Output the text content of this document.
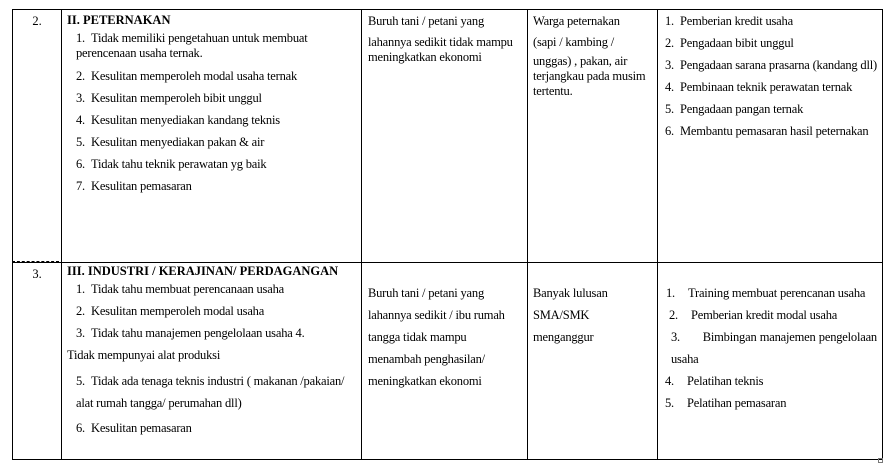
2.	II. PETERNAKAN
1. Tidak memiliki pengetahuan untuk membuat perencenaan usaha ternak.
2. Kesulitan memperoleh modal usaha ternak
3. Kesulitan memperoleh bibit unggul
4. Kesulitan menyediakan kandang teknis
5. Kesulitan menyediakan pakan & air
6. Tidak tahu teknik perawatan yg baik
7. Kesulitan pemasaran
Buruh tani / petani yang
lahannya sedikit tidak mampu meningkatkan ekonomi
Warga peternakan
(sapi / kambing /
unggas) , pakan, air terjangkau pada musim tertentu.
1. Pemberian kredit usaha
2. Pengadaan bibit unggul
3. Pengadaan sarana prasarna (kandang dll)
4. Pembinaan teknik perawatan ternak
5. Pengadaan pangan ternak
6. Membantu pemasaran hasil peternakan
3.	III. INDUSTRI / KERAJINAN/ PERDAGANGAN
1. Tidak tahu membuat perencanaan usaha
2. Kesulitan memperoleh modal usaha
3. Tidak tahu manajemen pengelolaan usaha 4.
Tidak mempunyai alat produksi
5. Tidak ada tenaga teknis industri ( makanan /pakaian/ alat rumah tangga/ perumahan dll)
6. Kesulitan pemasaran
Buruh tani / petani yang
lahannya sedikit / ibu rumah
tangga tidak mampu
menambah penghasilan/
meningkatkan ekonomi
Banyak lulusan
SMA/SMK
menganggur
1. Training membuat perencanan usaha
2. Pemberian kredit modal usaha
3. Bimbingan manajemen pengelolaan usaha
4. Pelatihan teknis
5. Pelatihan pemasaran
